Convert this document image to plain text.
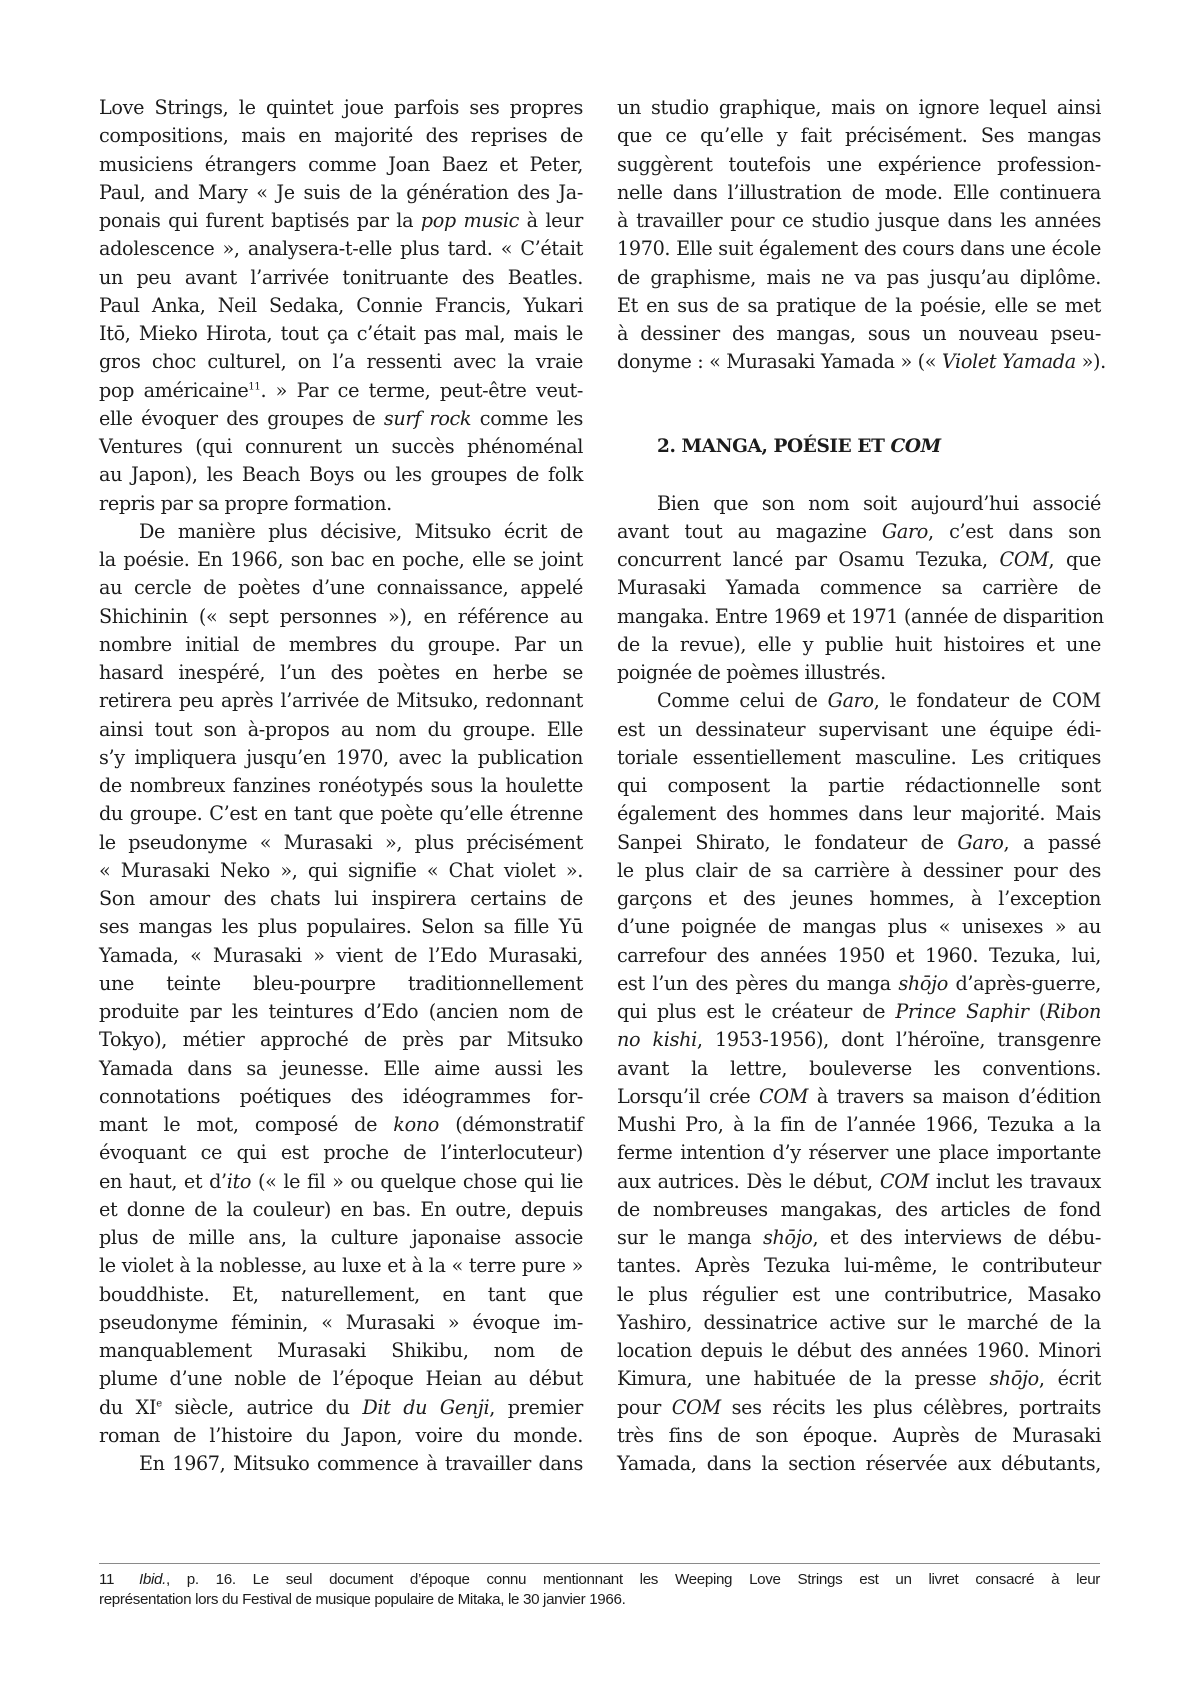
Love Strings, le quintet joue parfois ses propres
compositions, mais en majorité des reprises de
musiciens étrangers comme Joan Baez et Peter,
Paul, and Mary « Je suis de la génération des Ja-
ponais qui furent baptisés par la pop music à leur
adolescence », analysera-t-elle plus tard. « C’était
un peu avant l’arrivée tonitruante des Beatles.
Paul Anka, Neil Sedaka, Connie Francis, Yukari
Itō, Mieko Hirota, tout ça c’était pas mal, mais le
gros choc culturel, on l’a ressenti avec la vraie
pop américaine$^{11}$. » Par ce terme, peut-être veut-
elle évoquer des groupes de surf rock comme les
Ventures (qui connurent un succès phénoménal
au Japon), les Beach Boys ou les groupes de folk
repris par sa propre formation.
De manière plus décisive, Mitsuko écrit de
la poésie. En 1966, son bac en poche, elle se joint
au cercle de poètes d’une connaissance, appelé
Shichinin (« sept personnes »), en référence au
nombre initial de membres du groupe. Par un
hasard inespéré, l’un des poètes en herbe se
retirera peu après l’arrivée de Mitsuko, redonnant
ainsi tout son à-propos au nom du groupe. Elle
s’y impliquera jusqu’en 1970, avec la publication
de nombreux fanzines ronéotypés sous la houlette
du groupe. C’est en tant que poète qu’elle étrenne
le pseudonyme « Murasaki », plus précisément
« Murasaki Neko », qui signifie « Chat violet ».
Son amour des chats lui inspirera certains de
ses mangas les plus populaires. Selon sa fille Yū
Yamada, « Murasaki » vient de l’Edo Murasaki,
une teinte bleu-pourpre traditionnellement
produite par les teintures d’Edo (ancien nom de
Tokyo), métier approché de près par Mitsuko
Yamada dans sa jeunesse. Elle aime aussi les
connotations poétiques des idéogrammes for-
mant le mot, composé de kono (démonstratif
évoquant ce qui est proche de l’interlocuteur)
en haut, et d’ito (« le fil » ou quelque chose qui lie
et donne de la couleur) en bas. En outre, depuis
plus de mille ans, la culture japonaise associe
le violet à la noblesse, au luxe et à la « terre pure »
bouddhiste. Et, naturellement, en tant que
pseudonyme féminin, « Murasaki » évoque im-
manquablement Murasaki Shikibu, nom de
plume d’une noble de l’époque Heian au début
du XIe siècle, autrice du Dit du Genji, premier
roman de l’histoire du Japon, voire du monde.
En 1967, Mitsuko commence à travailler dans
un studio graphique, mais on ignore lequel ainsi
que ce qu’elle y fait précisément. Ses mangas
suggèrent toutefois une expérience profession-
nelle dans l’illustration de mode. Elle continuera
à travailler pour ce studio jusque dans les années
1970. Elle suit également des cours dans une école
de graphisme, mais ne va pas jusqu’au diplôme.
Et en sus de sa pratique de la poésie, elle se met
à dessiner des mangas, sous un nouveau pseu-
donyme : « Murasaki Yamada » (« Violet Yamada »).
2. MANGA, POÉSIE ET COM
Bien que son nom soit aujourd’hui associé
avant tout au magazine Garo, c’est dans son
concurrent lancé par Osamu Tezuka, COM, que
Murasaki Yamada commence sa carrière de
mangaka. Entre 1969 et 1971 (année de disparition
de la revue), elle y publie huit histoires et une
poignée de poèmes illustrés.
Comme celui de Garo, le fondateur de COM
est un dessinateur supervisant une équipe édi-
toriale essentiellement masculine. Les critiques
qui composent la partie rédactionnelle sont
également des hommes dans leur majorité. Mais
Sanpei Shirato, le fondateur de Garo, a passé
le plus clair de sa carrière à dessiner pour des
garçons et des jeunes hommes, à l’exception
d’une poignée de mangas plus « unisexes » au
carrefour des années 1950 et 1960. Tezuka, lui,
est l’un des pères du manga shōjo d’après-guerre,
qui plus est le créateur de Prince Saphir (Ribon
no kishi, 1953-1956), dont l’héroïne, transgenre
avant la lettre, bouleverse les conventions.
Lorsqu’il crée COM à travers sa maison d’édition
Mushi Pro, à la fin de l’année 1966, Tezuka a la
ferme intention d’y réserver une place importante
aux autrices. Dès le début, COM inclut les travaux
de nombreuses mangakas, des articles de fond
sur le manga shōjo, et des interviews de débu-
tantes. Après Tezuka lui-même, le contributeur
le plus régulier est une contributrice, Masako
Yashiro, dessinatrice active sur le marché de la
location depuis le début des années 1960. Minori
Kimura, une habituée de la presse shōjo, écrit
pour COM ses récits les plus célèbres, portraits
très fins de son époque. Auprès de Murasaki
Yamada, dans la section réservée aux débutants,
11 Ibid., p. 16. Le seul document d’époque connu mentionnant les Weeping Love Strings est un livret consacré à leur
représentation lors du Festival de musique populaire de Mitaka, le 30 janvier 1966.
